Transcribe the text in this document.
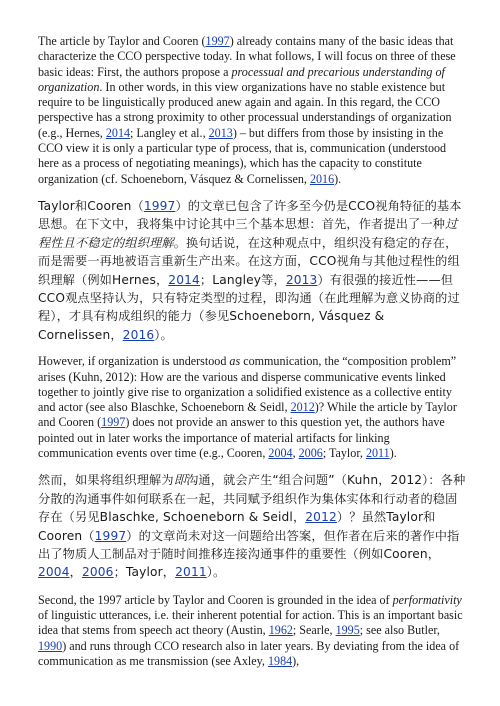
The article by Taylor and Cooren (1997) already contains many of the basic ideas that characterize the CCO perspective today. In what follows, I will focus on three of these basic ideas: First, the authors propose a processual and precarious understanding of organization. In other words, in this view organizations have no stable existence but require to be linguistically produced anew again and again. In this regard, the CCO perspective has a strong proximity to other processual understandings of organization (e.g., Hernes, 2014; Langley et al., 2013) – but differs from those by insisting in the CCO view it is only a particular type of process, that is, communication (understood here as a process of negotiating meanings), which has the capacity to constitute organization (cf. Schoeneborn, Vásquez & Cornelissen, 2016).

Taylor和Cooren（1997）的文章已包含了许多至今仍是CCO视角特征的基本思想。在下文中，我将集中讨论其中三个基本思想：首先，作者提出了一种过程性且不稳定的组织理解。换句话说，在这种观点中，组织没有稳定的存在，而是需要一再地被语言重新生产出来。在这方面，CCO视角与其他过程性的组织理解（例如Hernes，2014；Langley等，2013）有很强的接近性——但CCO观点坚持认为，只有特定类型的过程，即沟通（在此理解为意义协商的过程），才具有构成组织的能力（参见Schoeneborn, Vásquez & Cornelissen，2016）。

However, if organization is understood as communication, the “composition problem” arises (Kuhn, 2012): How are the various and disperse communicative events linked together to jointly give rise to organization a solidified existence as a collective entity and actor (see also Blaschke, Schoeneborn & Seidl, 2012)? While the article by Taylor and Cooren (1997) does not provide an answer to this question yet, the authors have pointed out in later works the importance of material artifacts for linking communication events over time (e.g., Cooren, 2004, 2006; Taylor, 2011).

然而，如果将组织理解为即沟通，就会产生“组合问题”（Kuhn，2012）：各种分散的沟通事件如何联系在一起，共同赋予组织作为集体实体和行动者的稳固存在（另见Blaschke, Schoeneborn & Seidl，2012）？虽然Taylor和Cooren（1997）的文章尚未对这一问题给出答案，但作者在后来的著作中指出了物质人工制品对于随时间推移连接沟通事件的重要性（例如Cooren，2004，2006；Taylor，2011）。

Second, the 1997 article by Taylor and Cooren is grounded in the idea of performativity of linguistic utterances, i.e. their inherent potential for action. This is an important basic idea that stems from speech act theory (Austin, 1962; Searle, 1995; see also Butler, 1990) and runs through CCO research also in later years. By deviating from the idea of communication as me transmission (see Axley, 1984),
